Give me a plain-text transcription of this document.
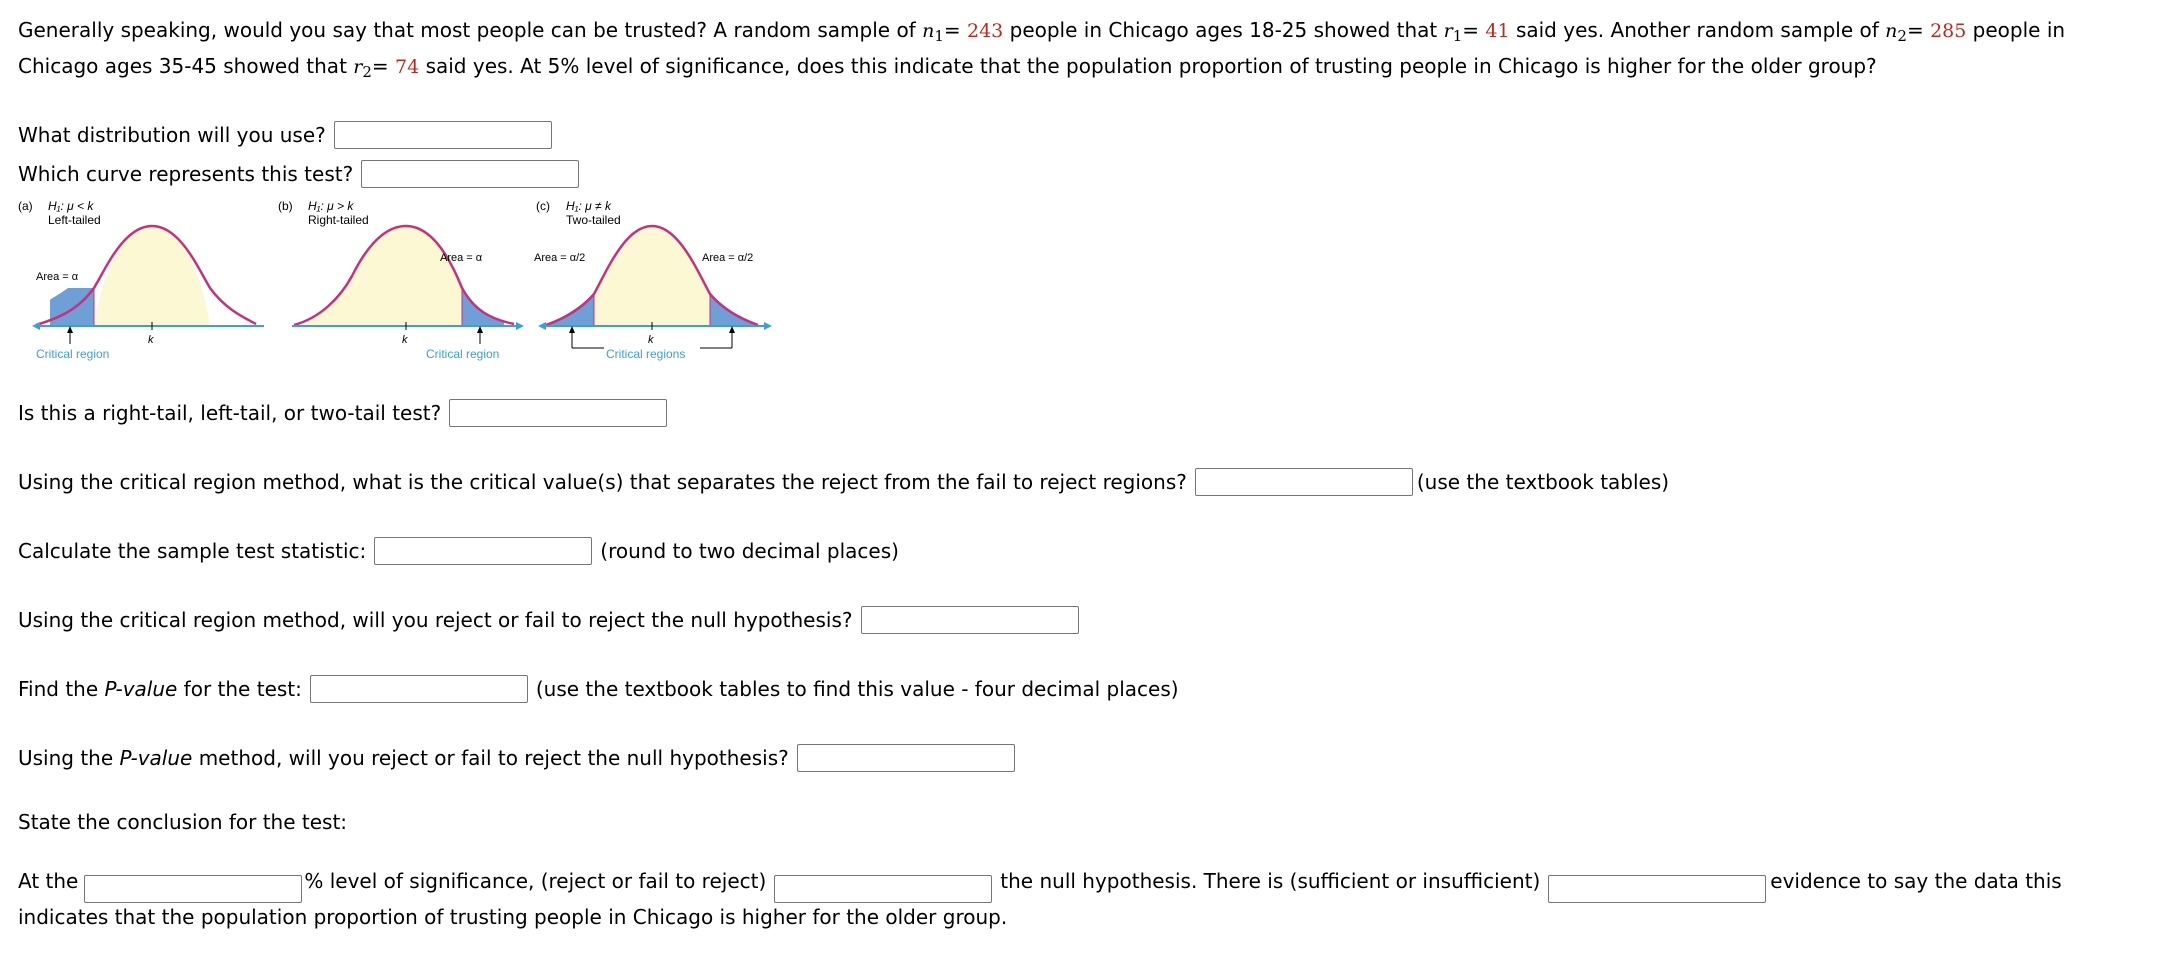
Generally speaking, would you say that most people can be trusted? A random sample of $n_1= 243$ people in Chicago ages 18-25 showed that $r_1= 41$ said yes. Another random sample of $n_2= 285$ people in Chicago ages 35-45 showed that $r_2= 74$ said yes. At 5% level of significance, does this indicate that the population proportion of trusting people in Chicago is higher for the older group?

What distribution will you use?
Which curve represents this test?
(a) H₁: μ < k
Left-tailed
Area = α
k
Critical region
(b) H₁: μ > k
Right-tailed
Area = α
k
Critical region
(c) H₁: μ ≠ k
Two-tailed
Area = α/2	Area = α/2
k
Critical regions
Is this a right-tail, left-tail, or two-tail test?
Using the critical region method, what is the critical value(s) that separates the reject from the fail to reject regions?	(use the textbook tables)
Calculate the sample test statistic:	(round to two decimal places)
Using the critical region method, will you reject or fail to reject the null hypothesis?
Find the P-value for the test:	(use the textbook tables to find this value - four decimal places)
Using the P-value method, will you reject or fail to reject the null hypothesis?
State the conclusion for the test:
At the	% level of significance, (reject or fail to reject)	the null hypothesis. There is (sufficient or insufficient)	evidence to say the data this indicates that the population proportion of trusting people in Chicago is higher for the older group.
